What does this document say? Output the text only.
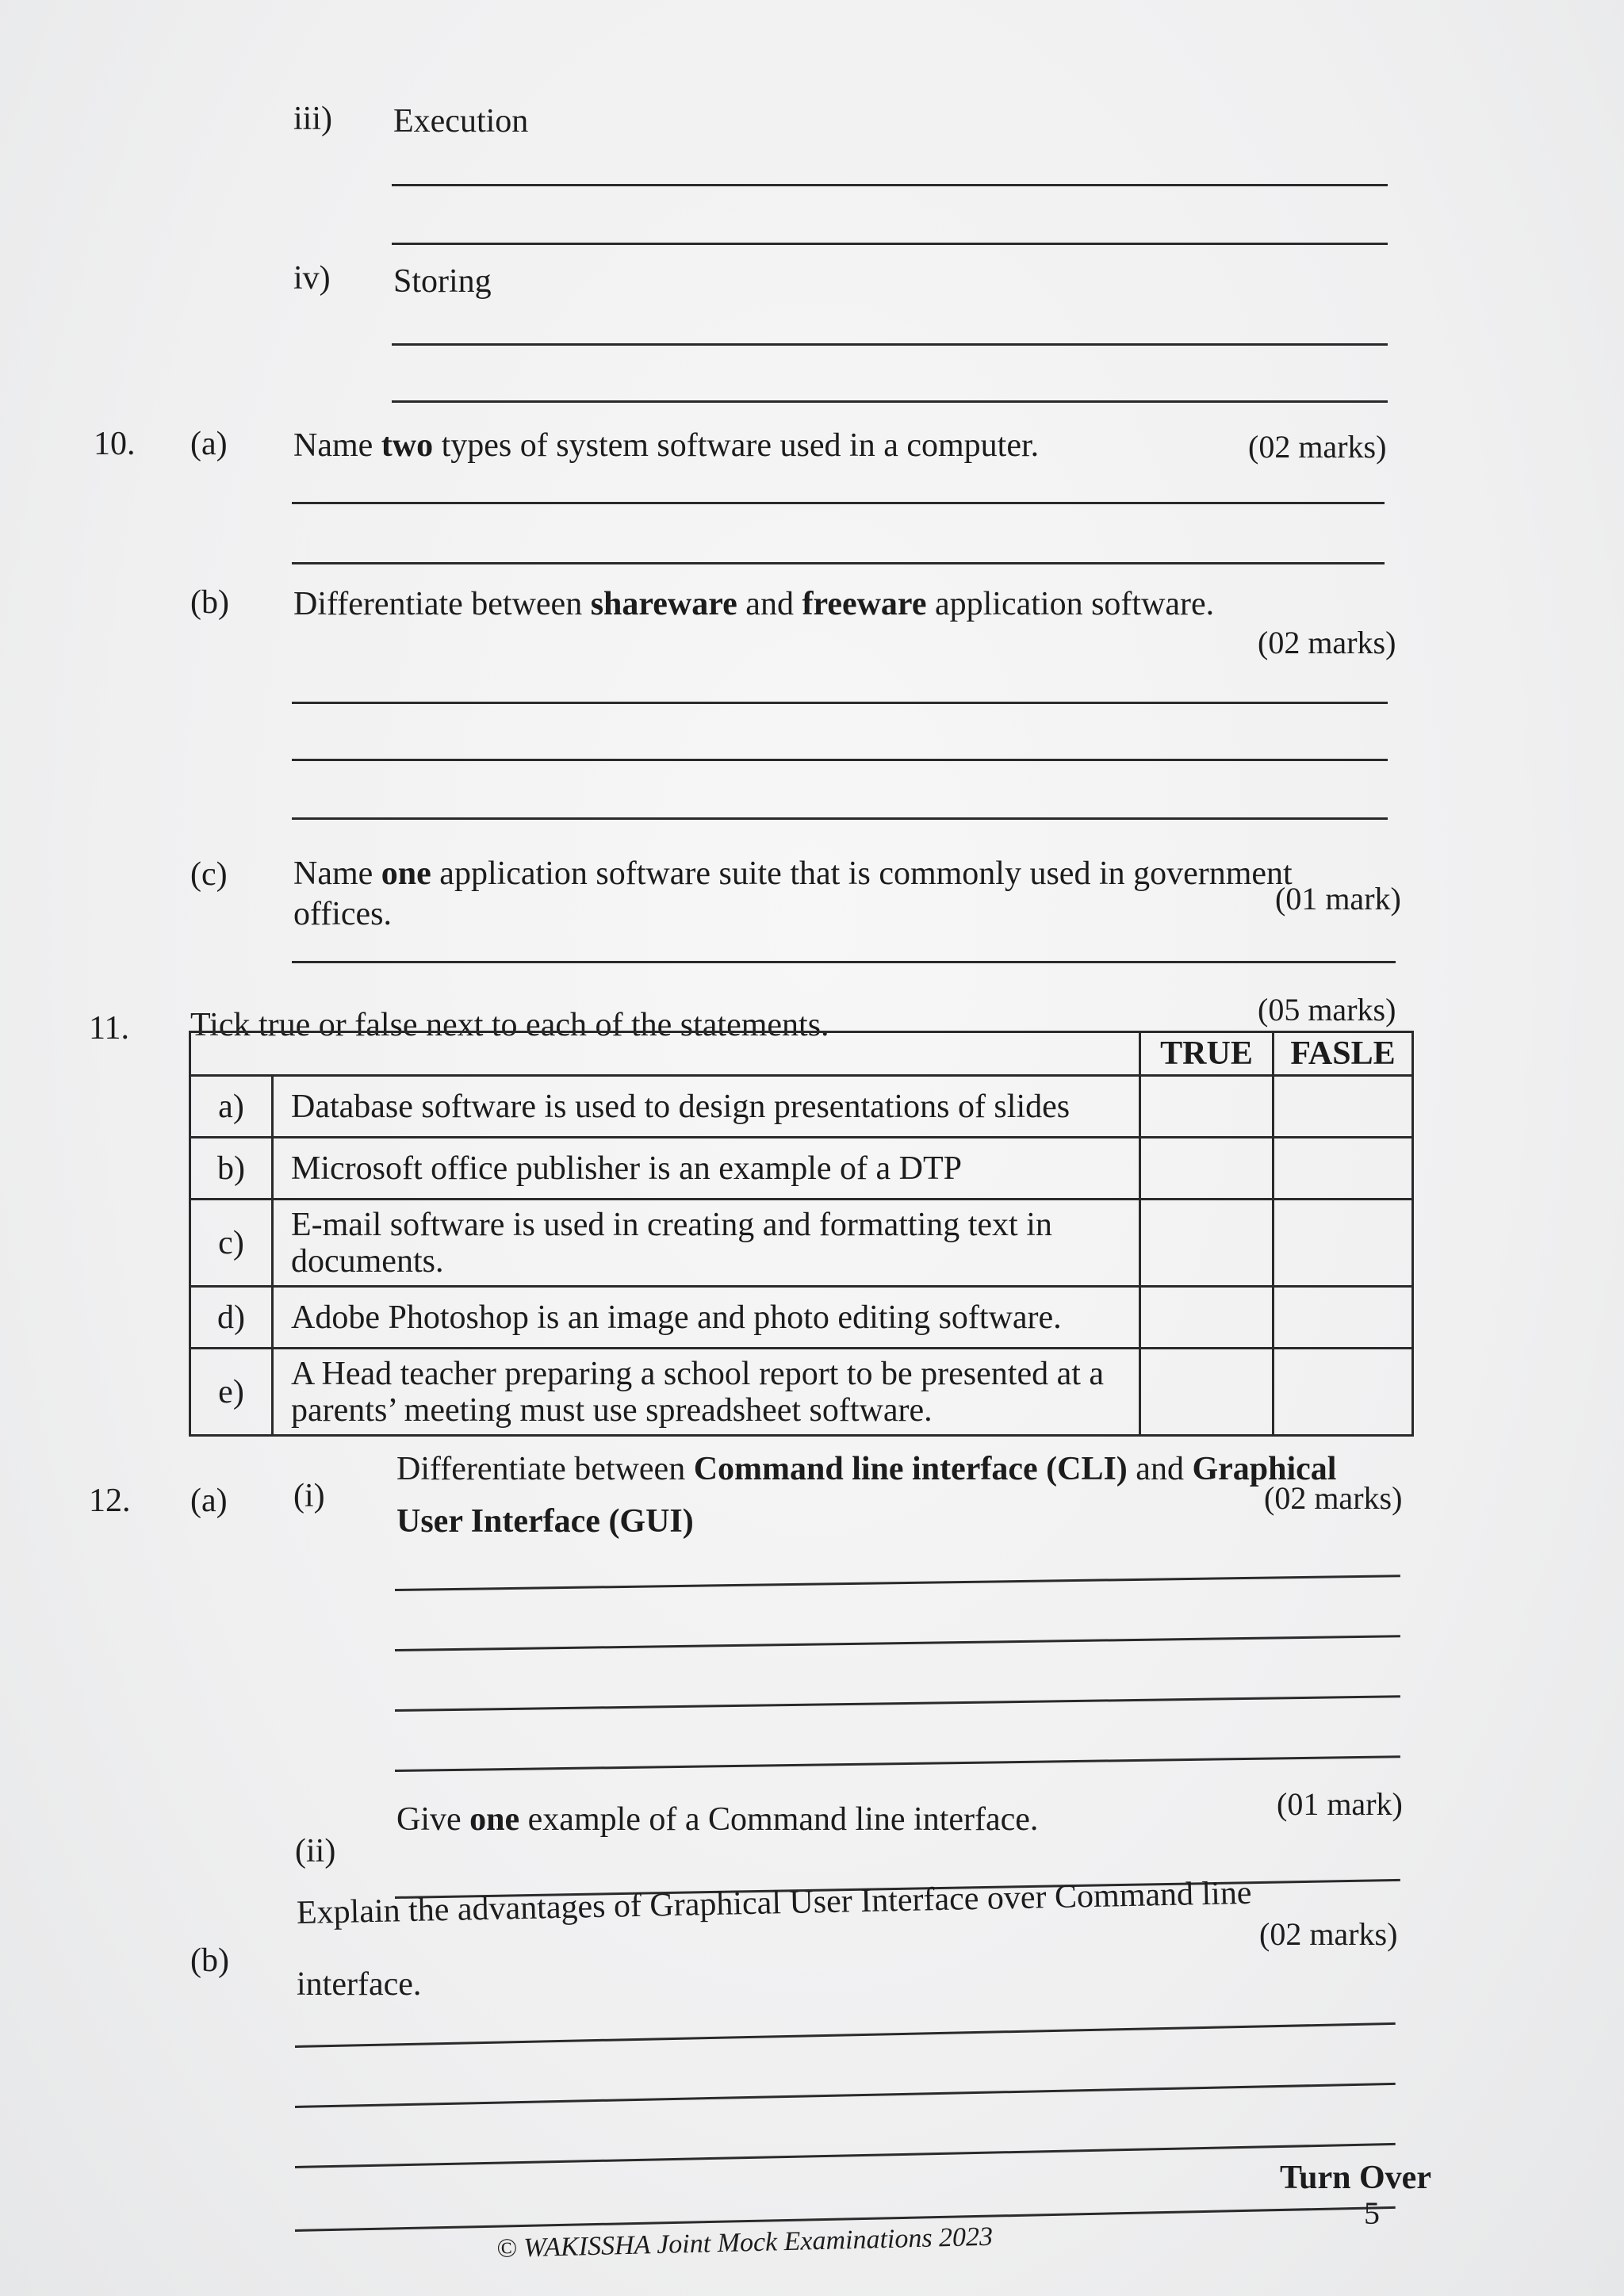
iii) Execution
iv) Storing
10. (a) Name two types of system software used in a computer.	(02 marks)
(b) Differentiate between shareware and freeware application software.
(02 marks)
(c) Name one application software suite that is commonly used in government
offices.	(01 mark)
11. Tick true or false next to each of the statements.	(05 marks)
		TRUE	FASLE
a)	Database software is used to design presentations of slides		
b)	Microsoft office publisher is an example of a DTP		
c)	E-mail software is used in creating and formatting text in documents.		
d)	Adobe Photoshop is an image and photo editing software.		
e)	A Head teacher preparing a school report to be presented at a parents’ meeting must use spreadsheet software.		
12. (a) (i)
Differentiate between Command line interface (CLI) and Graphical
User Interface (GUI)
(02 marks)
(ii)
Give one example of a Command line interface.	(01 mark)
(b)
Explain the advantages of Graphical User Interface over Command line
interface.
(02 marks)
Turn Over
5
© WAKISSHA Joint Mock Examinations 2023
